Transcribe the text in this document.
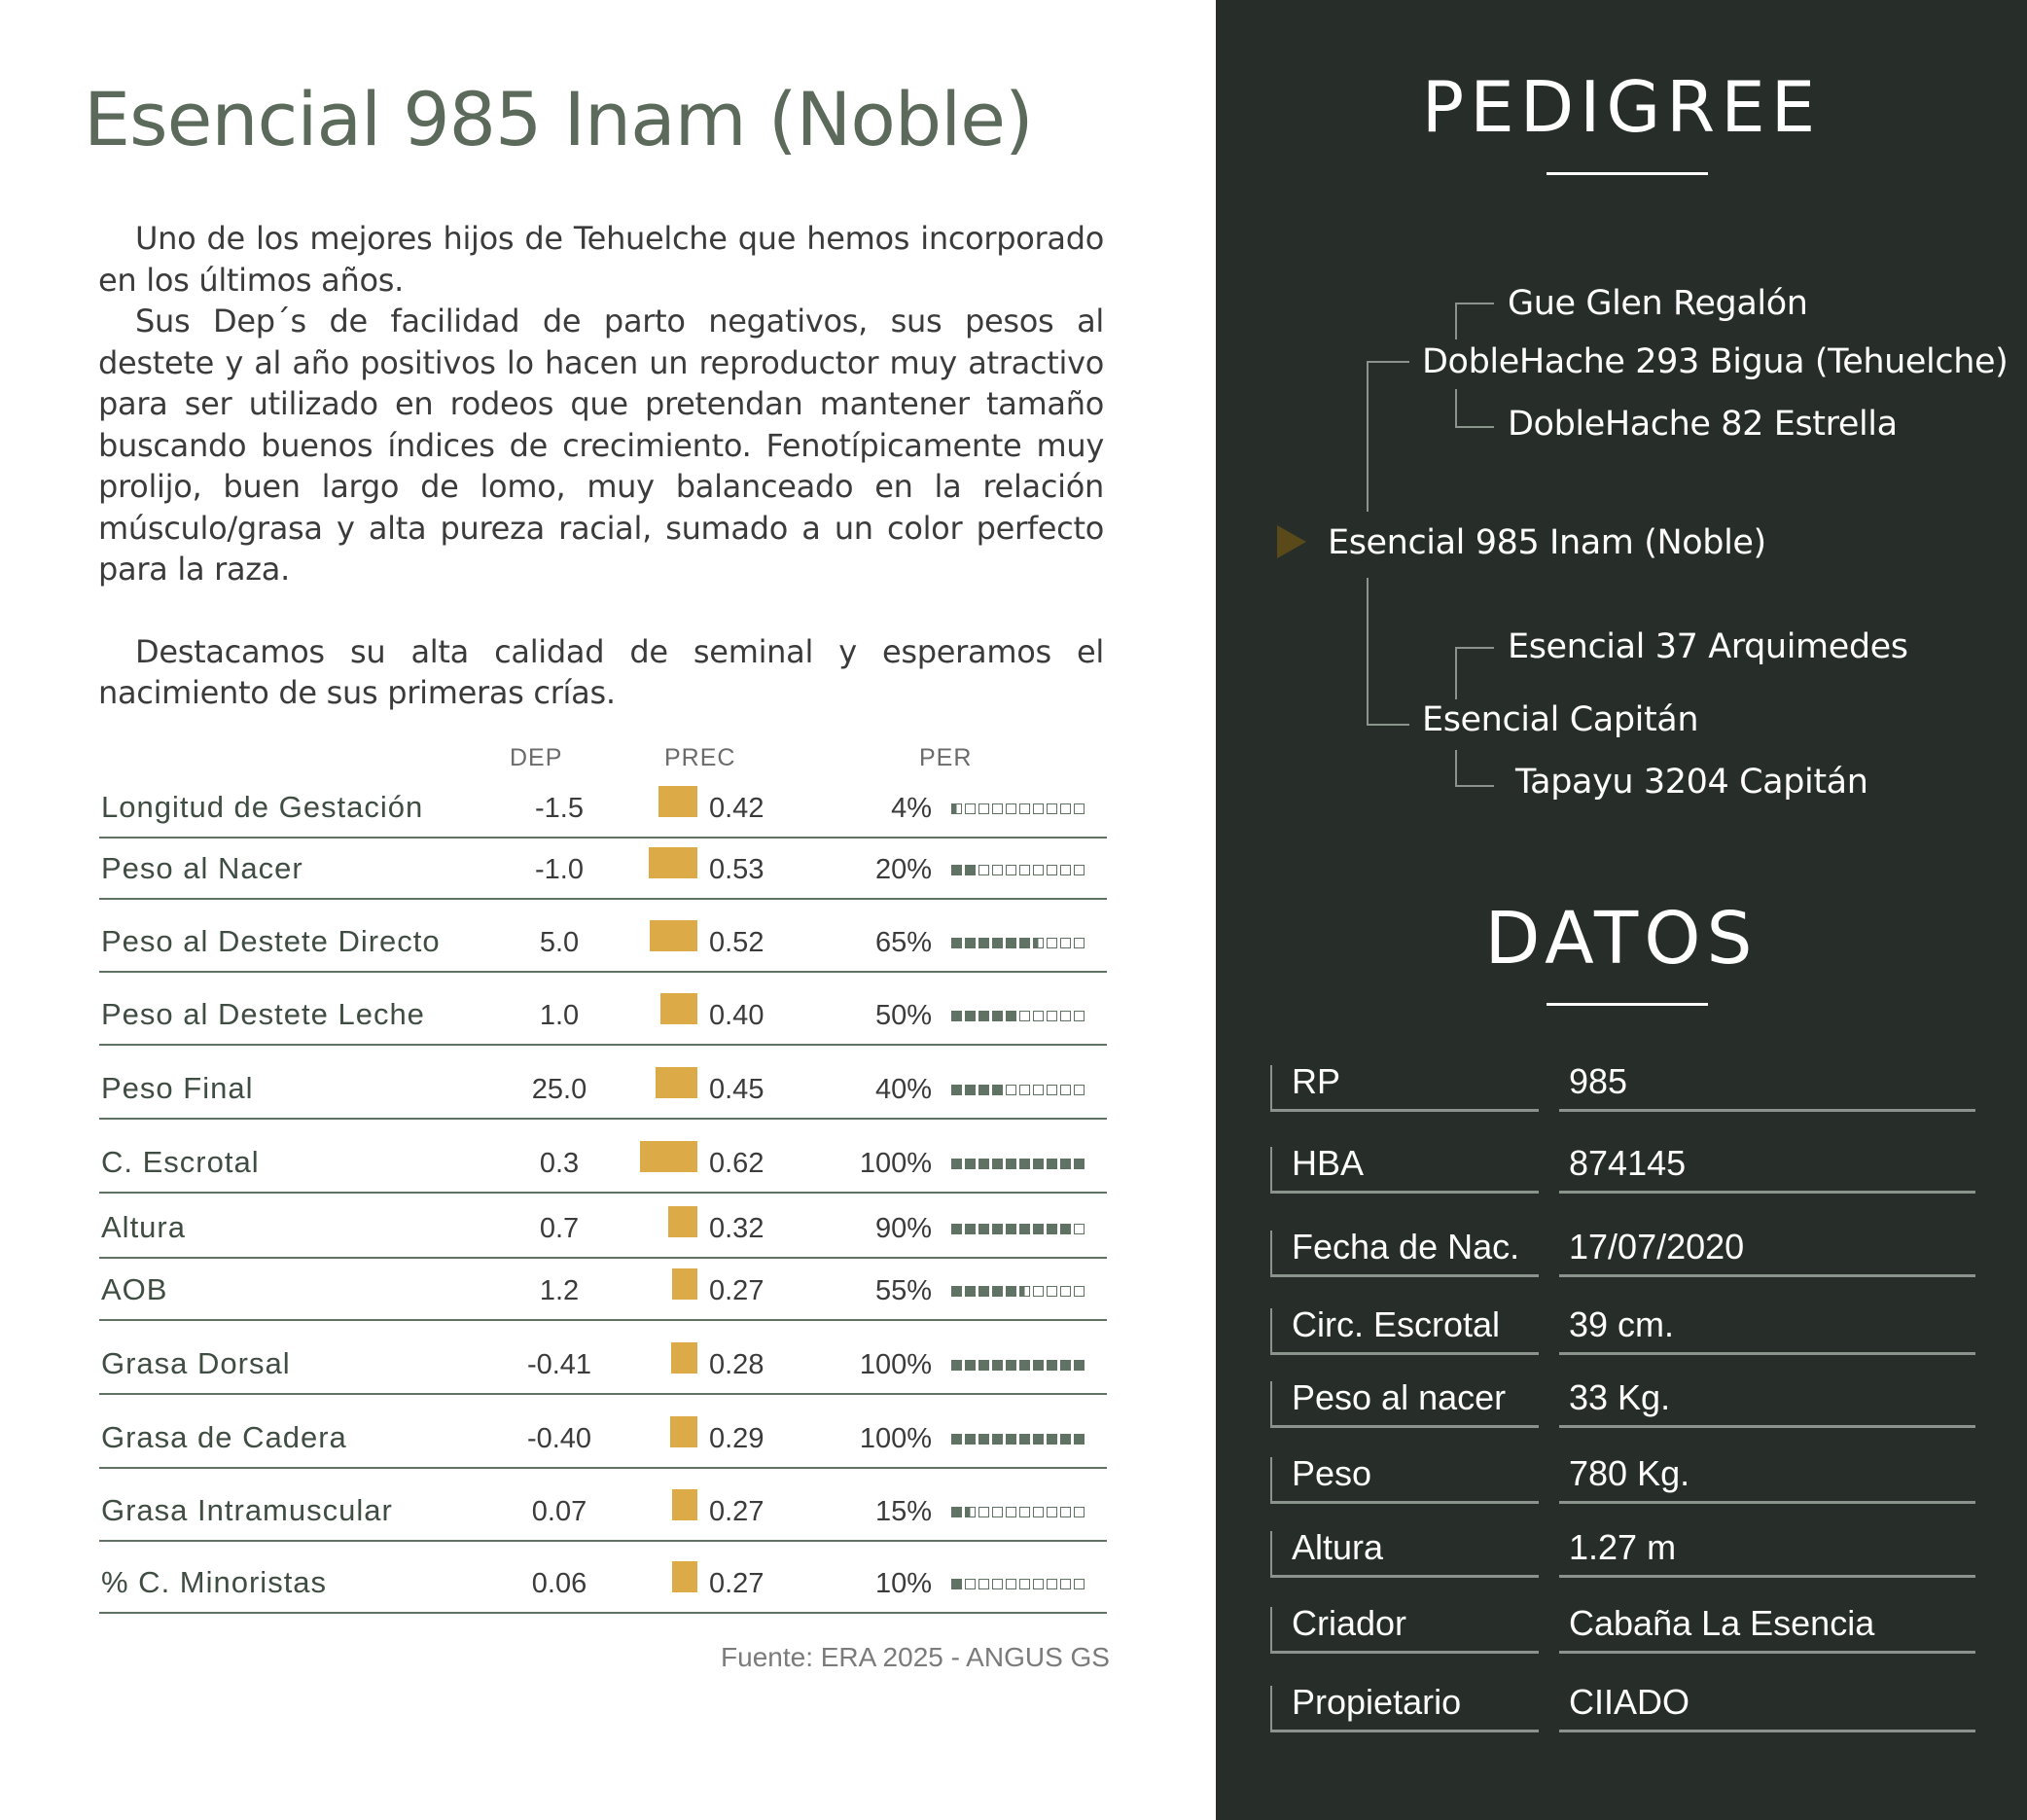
Esencial 985 Inam (Noble)

Uno de los mejores hijos de Tehuelche que hemos incorporado en los últimos años.

Sus Dep´s de facilidad de parto negativos, sus pesos al destete y al año positivos lo hacen un reproductor muy atractivo para ser utilizado en rodeos que pretendan mantener tamaño buscando buenos índices de crecimiento. Fenotípicamente muy prolijo, buen largo de lomo, muy balanceado en la relación músculo/grasa y alta pureza racial, sumado a un color perfecto para la raza.

Destacamos su alta calidad de seminal y esperamos el nacimiento de sus primeras crías.

DEP	PREC	PER
Longitud de Gestación	-1.5	0.42	4%
Peso al Nacer	-1.0	0.53	20%
Peso al Destete Directo	5.0	0.52	65%
Peso al Destete Leche	1.0	0.40	50%
Peso Final	25.0	0.45	40%
C. Escrotal	0.3	0.62	100%
Altura	0.7	0.32	90%
AOB	1.2	0.27	55%
Grasa Dorsal	-0.41	0.28	100%
Grasa de Cadera	-0.40	0.29	100%
Grasa Intramuscular	0.07	0.27	15%
% C. Minoristas	0.06	0.27	10%
Fuente: ERA 2025 - ANGUS GS
PEDIGREE
Gue Glen Regalón
DobleHache 293 Bigua (Tehuelche)
DobleHache 82 Estrella
Esencial 985 Inam (Noble)
Esencial 37 Arquimedes
Esencial Capitán
Tapayu 3204 Capitán
DATOS
RP	985
HBA	874145
Fecha de Nac. 17/07/2020
Circ. Escrotal 39 cm.
Peso al nacer 33 Kg.
Peso	780 Kg.
Altura	1.27 m
Criador	Cabaña La Esencia
Propietario	CIIADO
